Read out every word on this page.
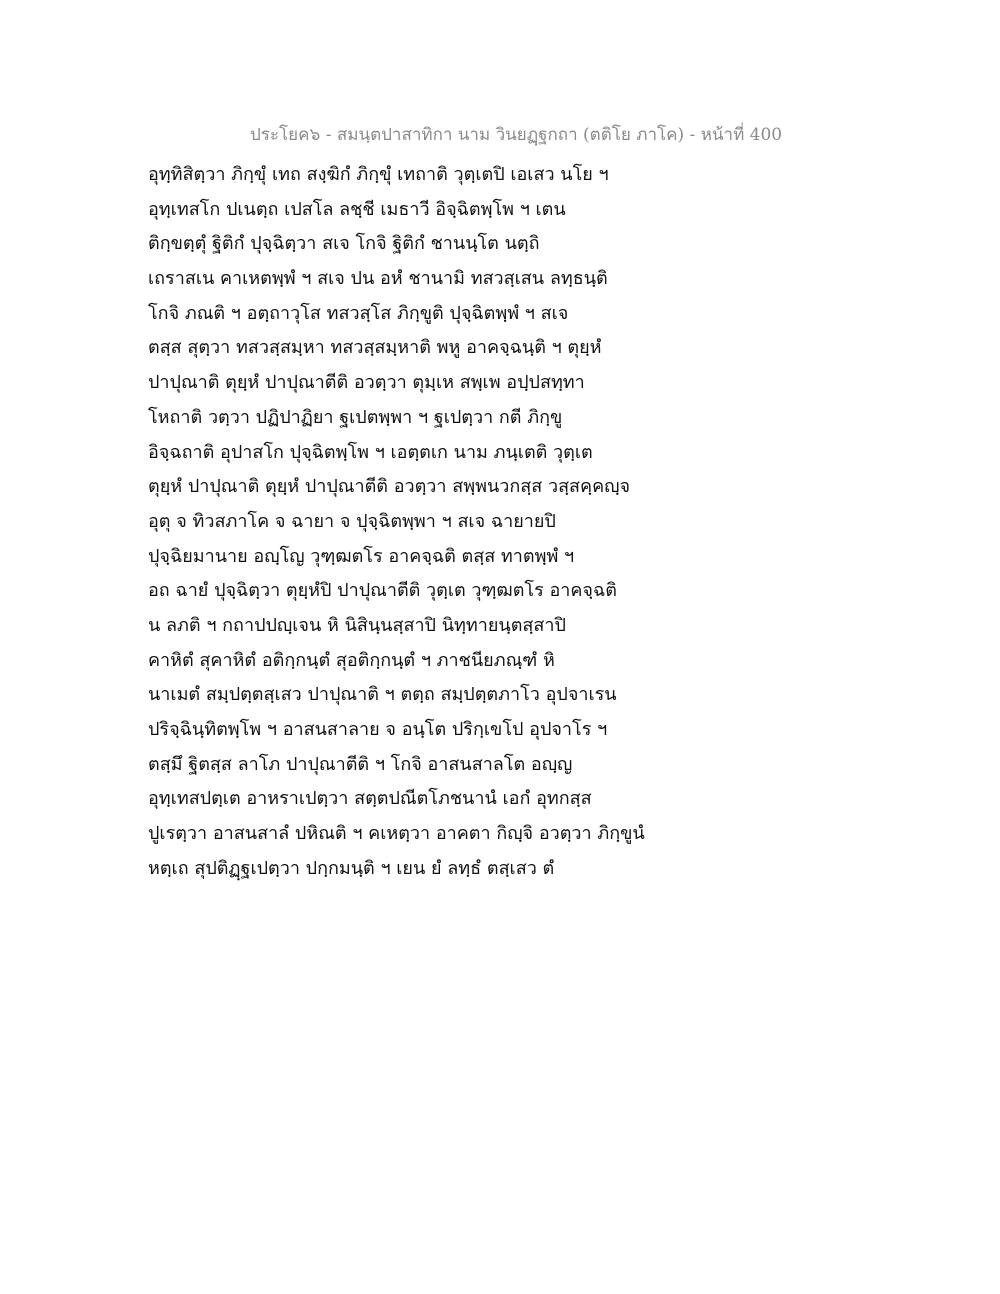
ประโยค๖ - สมนฺตปาสาทิกา นาม วินยฏฺฐกถา (ตติโย ภาโค) - หน้าที่ 400
อุทฺทิสิตฺวา ภิกฺขุํ เทถ สงฺฆิกํ ภิกฺขุํ เทถาติ วุตฺเตปิ เอเสว นโย ฯ
อุทฺเทสโก ปเนตฺถ เปสโล ลชฺชี เมธาวี อิจฺฉิตพฺโพ ฯ เตน
ติกฺขตฺตุํ ฐิติกํ ปุจฺฉิตฺวา สเจ โกจิ ฐิติกํ ชานนฺโต นตฺถิ
เถราสเน คาเหตพฺพํ ฯ สเจ ปน อหํ ชานามิ ทสวสฺเสน ลทฺธนฺติ
โกจิ ภณติ ฯ อตฺถาวุโส ทสวสฺโส ภิกฺขูติ ปุจฺฉิตพฺพํ ฯ สเจ
ตสฺส สุตฺวา ทสวสฺสมฺหา ทสวสฺสมฺหาติ พหู อาคจฺฉนฺติ ฯ ตุยฺหํ
ปาปุณาติ ตุยฺหํ ปาปุณาตีติ อวตฺวา ตุมฺเห สพฺเพ อปฺปสทฺทา
โหถาติ วตฺวา ปฏิปาฏิยา ฐเปตพฺพา ฯ ฐเปตฺวา กตี ภิกฺขู
อิจฺฉถาติ อุปาสโก ปุจฺฉิตพฺโพ ฯ เอตฺตเก นาม ภนฺเตติ วุตฺเต
ตุยฺหํ ปาปุณาติ ตุยฺหํ ปาปุณาตีติ อวตฺวา สพฺพนวกสฺส วสฺสคฺคญฺจ
อุตุ จ ทิวสภาโค จ ฉายา จ ปุจฺฉิตพฺพา ฯ สเจ ฉายายปิ
ปุจฺฉิยมานาย อญฺโญ วุฑฺฒตโร อาคจฺฉติ ตสฺส ทาตพฺพํ ฯ
อถ ฉายํ ปุจฺฉิตฺวา ตุยฺหํปิ ปาปุณาตีติ วุตฺเต วุฑฺฒตโร อาคจฺฉติ
น ลภติ ฯ กถาปปญฺเจน หิ นิสินฺนสฺสาปิ นิทฺทายนฺตสฺสาปิ
คาหิตํ สุคาหิตํ อติกฺกนฺตํ สุอติกฺกนฺตํ ฯ ภาชนียภณฺฑํ หิ
นาเมตํ สมฺปตฺตสฺเสว ปาปุณาติ ฯ ตตฺถ สมฺปตฺตภาโว อุปจาเรน
ปริจฺฉินฺทิตพฺโพ ฯ อาสนสาลาย จ อนฺโต ปริกฺเขโป อุปจาโร ฯ
ตสฺมึ ฐิตสฺส ลาโภ ปาปุณาตีติ ฯ โกจิ อาสนสาลโต อญฺญ
อุทฺเทสปตฺเต อาหราเปตฺวา สตฺตปณีตโภชนานํ เอกํ อุทกสฺส
ปูเรตฺวา อาสนสาลํ ปหิณติ ฯ คเหตฺวา อาคตา กิญฺจิ อวตฺวา ภิกฺขูนํ
หตฺเถ สุปติฏฺฐเปตฺวา ปกฺกมนฺติ ฯ เยน ยํ ลทฺธํ ตสฺเสว ตํ
